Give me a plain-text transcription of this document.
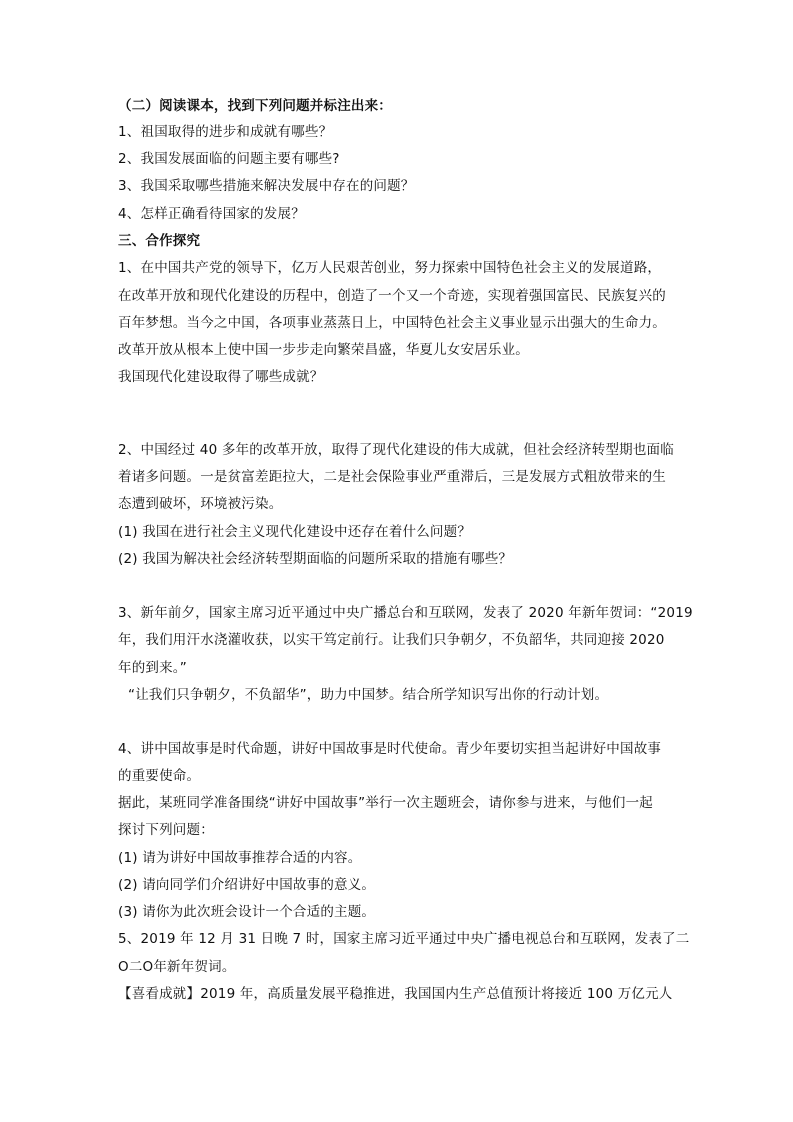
（二）阅读课本，找到下列问题并标注出来：
1、祖国取得的进步和成就有哪些？
2、我国发展面临的问题主要有哪些?
3、我国采取哪些措施来解决发展中存在的问题？
4、怎样正确看待国家的发展？
三、合作探究
1、在中国共产党的领导下，亿万人民艰苦创业，努力探索中国特色社会主义的发展道路，
在改革开放和现代化建设的历程中，创造了一个又一个奇迹，实现着强国富民、民族复兴的
百年梦想。当今之中国，各项事业蒸蒸日上，中国特色社会主义事业显示出强大的生命力。
改革开放从根本上使中国一步步走向繁荣昌盛，华夏儿女安居乐业。
我国现代化建设取得了哪些成就？
2、中国经过 40 多年的改革开放，取得了现代化建设的伟大成就，但社会经济转型期也面临
着诸多问题。一是贫富差距拉大，二是社会保险事业严重滞后，三是发展方式粗放带来的生
态遭到破坏，环境被污染。
(1) 我国在进行社会主义现代化建设中还存在着什么问题？
(2) 我国为解决社会经济转型期面临的问题所采取的措施有哪些？
3、新年前夕，国家主席习近平通过中央广播总台和互联网，发表了 2020 年新年贺词：“2019
年，我们用汗水浇灌收获，以实干笃定前行。让我们只争朝夕，不负韶华，共同迎接 2020
年的到来。”
“让我们只争朝夕，不负韶华”，助力中国梦。结合所学知识写出你的行动计划。
4、讲中国故事是时代命题，讲好中国故事是时代使命。青少年要切实担当起讲好中国故事
的重要使命。
据此，某班同学准备围绕“讲好中国故事”举行一次主题班会，请你参与进来，与他们一起
探讨下列问题：
(1) 请为讲好中国故事推荐合适的内容。
(2) 请向同学们介绍讲好中国故事的意义。
(3) 请你为此次班会设计一个合适的主题。
5、2019 年 12 月 31 日晚 7 时，国家主席习近平通过中央广播电视总台和互联网，发表了二
O二O年新年贺词。
【喜看成就】2019 年，高质量发展平稳推进，我国国内生产总值预计将接近 100 万亿元人
